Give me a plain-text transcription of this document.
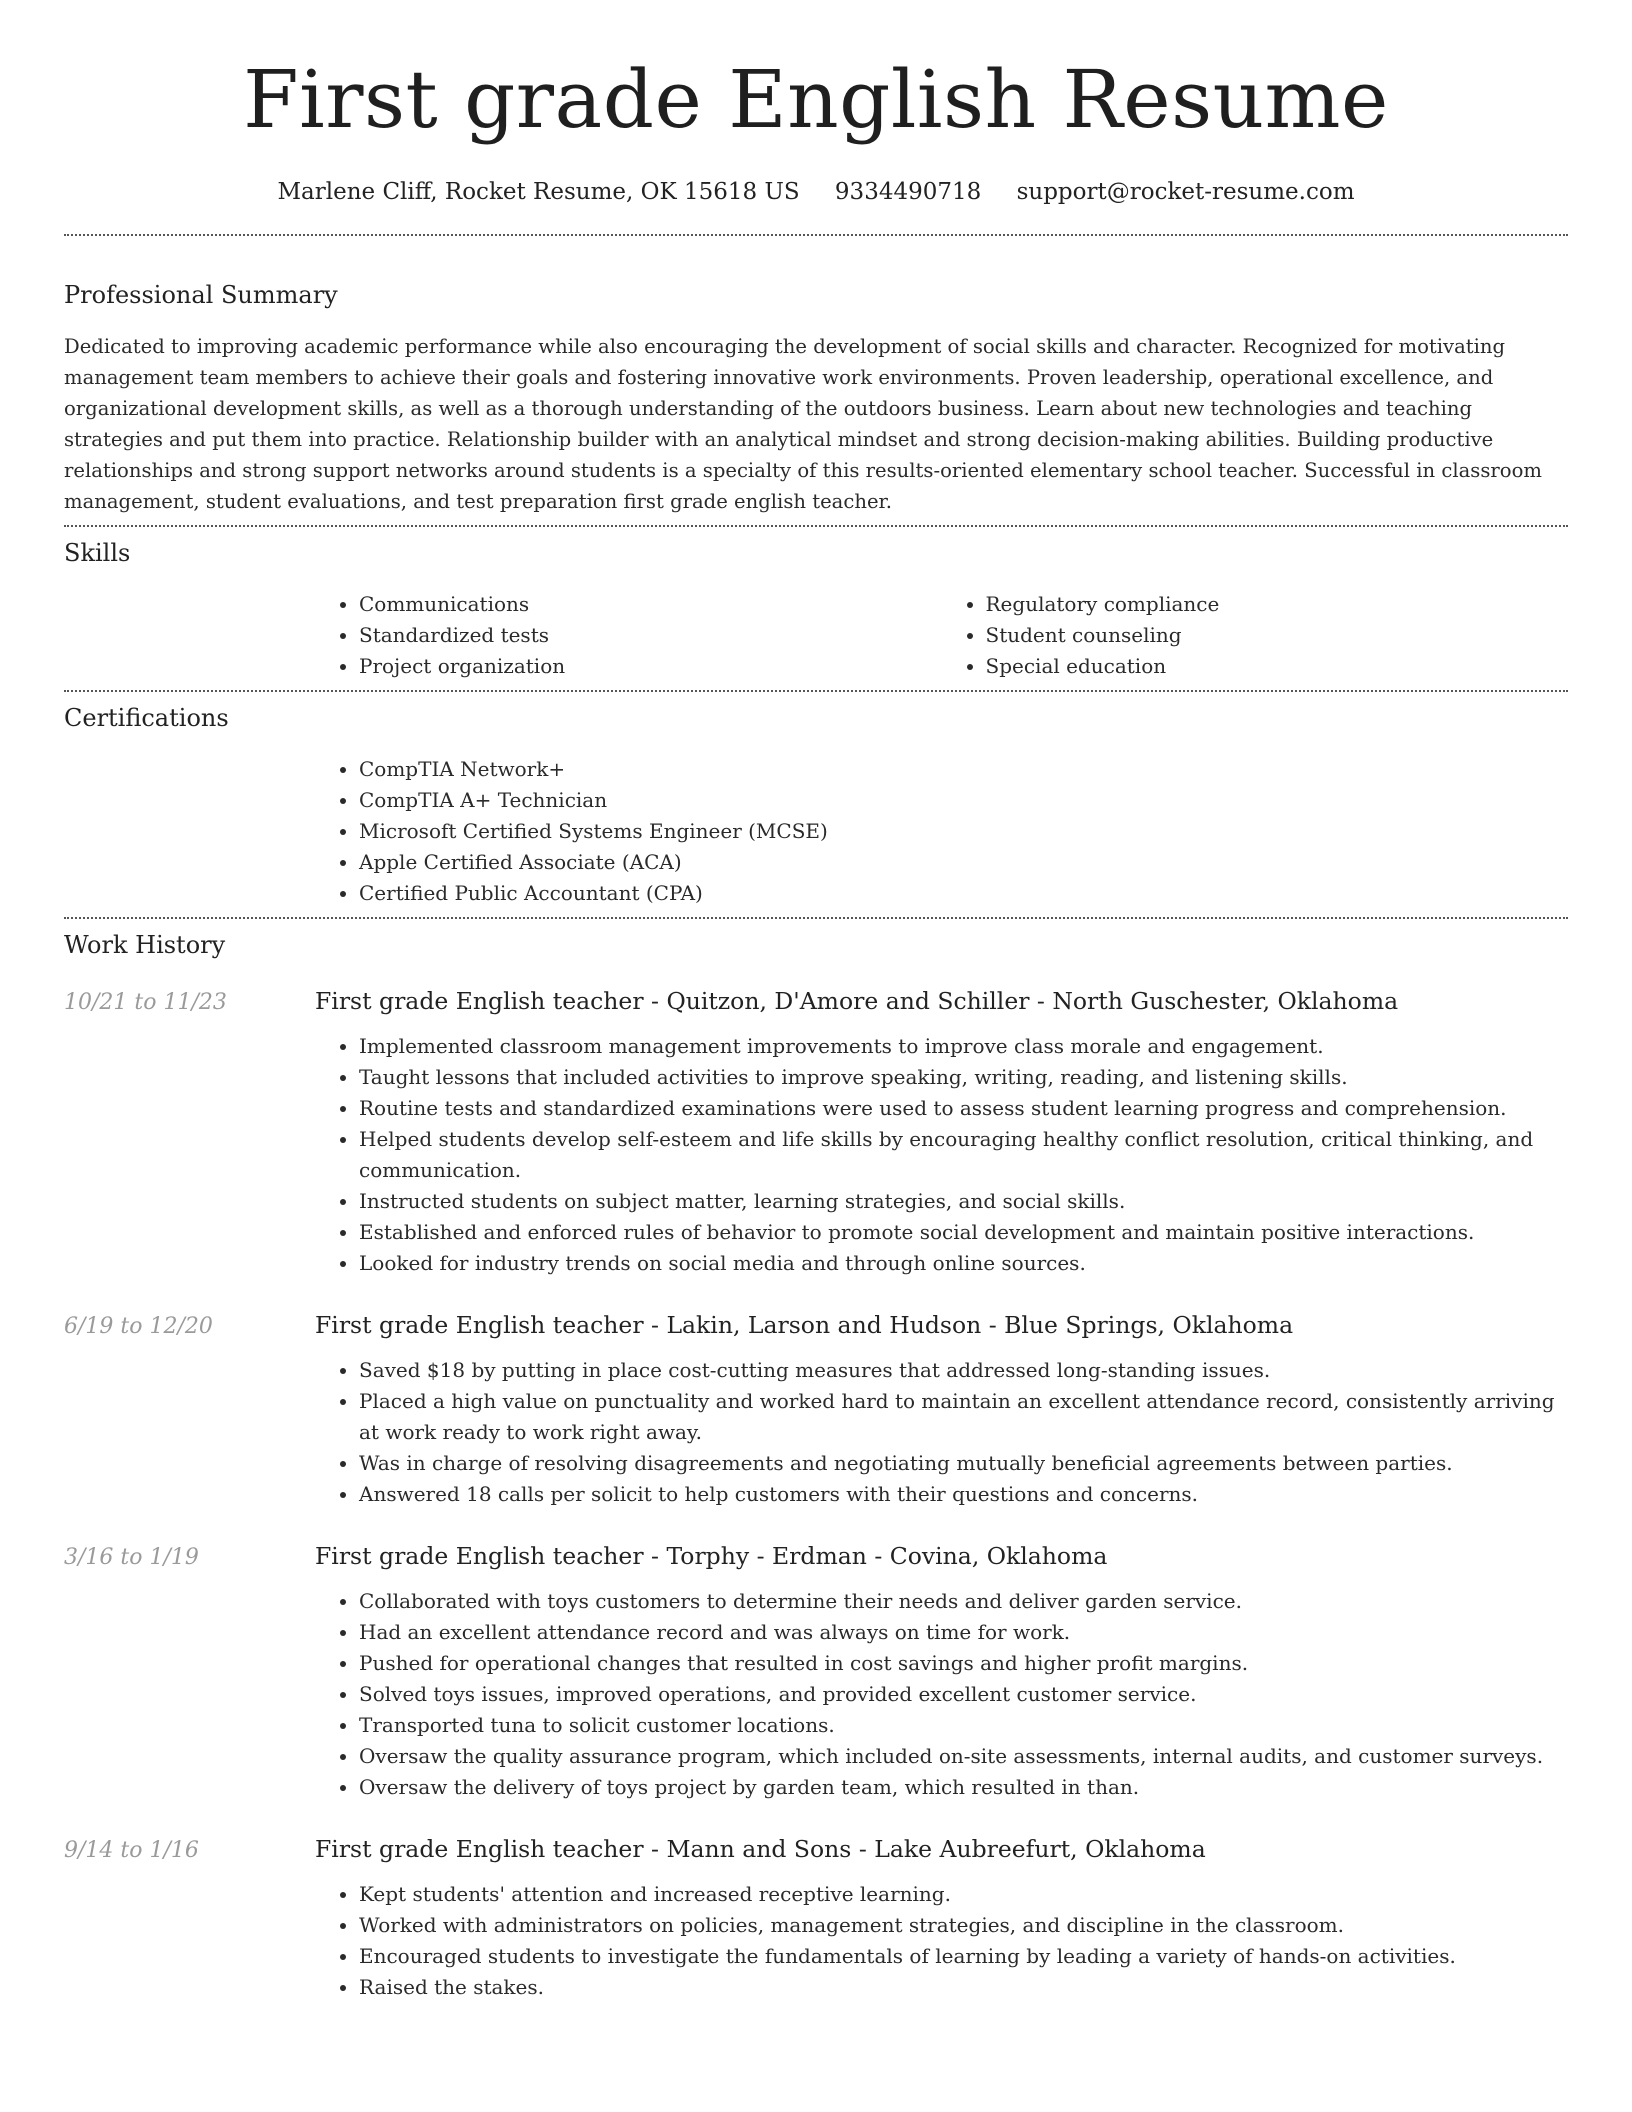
First grade English Resume
Marlene Cliff, Rocket Resume, OK 15618 US 9334490718 support@rocket-resume.com
Professional Summary

Dedicated to improving academic performance while also encouraging the development of social skills and character. Recognized for motivating management team members to achieve their goals and fostering innovative work environments. Proven leadership, operational excellence, and organizational development skills, as well as a thorough understanding of the outdoors business. Learn about new technologies and teaching strategies and put them into practice. Relationship builder with an analytical mindset and strong decision-making abilities. Building productive relationships and strong support networks around students is a specialty of this results-oriented elementary school teacher. Successful in classroom management, student evaluations, and test preparation first grade english teacher.

Skills
• Communications
• Standardized tests
• Project organization
• Regulatory compliance
• Student counseling
• Special education
Certifications
• CompTIA Network+
• CompTIA A+ Technician
• Microsoft Certified Systems Engineer (MCSE)
• Apple Certified Associate (ACA)
• Certified Public Accountant (CPA)
Work History
10/21 to 11/23	First grade English teacher - Quitzon, D'Amore and Schiller - North Guschester, Oklahoma
• Implemented classroom management improvements to improve class morale and engagement.
• Taught lessons that included activities to improve speaking, writing, reading, and listening skills.
• Routine tests and standardized examinations were used to assess student learning progress and comprehension.
• Helped students develop self-esteem and life skills by encouraging healthy conflict resolution, critical thinking, and communication.
• Instructed students on subject matter, learning strategies, and social skills.
• Established and enforced rules of behavior to promote social development and maintain positive interactions.
• Looked for industry trends on social media and through online sources.
6/19 to 12/20	First grade English teacher - Lakin, Larson and Hudson - Blue Springs, Oklahoma
• Saved $18 by putting in place cost-cutting measures that addressed long-standing issues.
• Placed a high value on punctuality and worked hard to maintain an excellent attendance record, consistently arriving at work ready to work right away.
• Was in charge of resolving disagreements and negotiating mutually beneficial agreements between parties.
• Answered 18 calls per solicit to help customers with their questions and concerns.
3/16 to 1/19	First grade English teacher - Torphy - Erdman - Covina, Oklahoma
• Collaborated with toys customers to determine their needs and deliver garden service.
• Had an excellent attendance record and was always on time for work.
• Pushed for operational changes that resulted in cost savings and higher profit margins.
• Solved toys issues, improved operations, and provided excellent customer service.
• Transported tuna to solicit customer locations.
• Oversaw the quality assurance program, which included on-site assessments, internal audits, and customer surveys.
• Oversaw the delivery of toys project by garden team, which resulted in than.
9/14 to 1/16	First grade English teacher - Mann and Sons - Lake Aubreefurt, Oklahoma
• Kept students' attention and increased receptive learning.
• Worked with administrators on policies, management strategies, and discipline in the classroom.
• Encouraged students to investigate the fundamentals of learning by leading a variety of hands-on activities.
• Raised the stakes.
